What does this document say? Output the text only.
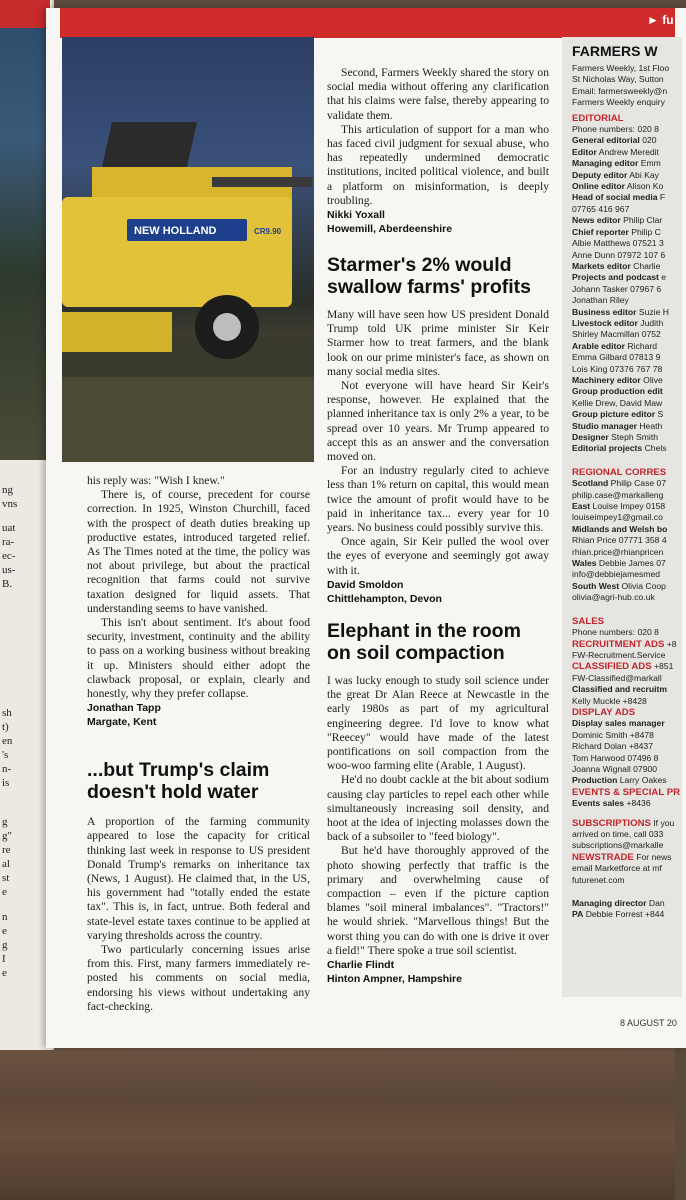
ng
vns
uat
ra-
ec-
us-
B.
sh
t)
en
's
n-
is
g
g"
re
al
st
e
n
e
g
I
e
► fu
NEW HOLLAND	CR9.90

his reply was: "Wish I knew."

There is, of course, precedent for course correction. In 1925, Winston Churchill, faced with the prospect of death duties breaking up productive estates, introduced targeted relief. As The Times noted at the time, the policy was not about privilege, but about the practical recognition that farms could not survive taxation designed for liquid assets. That understanding seems to have vanished.

This isn't about sentiment. It's about food security, investment, continuity and the ability to pass on a working business without breaking it up. Ministers should either adopt the clawback proposal, or explain, clearly and honestly, why they prefer collapse.

Jonathan Tapp
Margate, Kent
...but Trump's claim doesn't hold water

A proportion of the farming community appeared to lose the capacity for critical thinking last week in response to US president Donald Trump's remarks on inheritance tax (News, 1 August). He claimed that, in the US, his government had "totally ended the estate tax". This is, in fact, untrue. Both federal and state-level estate taxes continue to be applied at varying thresholds across the country.

Two particularly concerning issues arise from this. First, many farmers immediately re-posted his comments on social media, endorsing his views without undertaking any fact-checking.

Second, Farmers Weekly shared the story on social media without offering any clarification that his claims were false, thereby appearing to validate them.

This articulation of support for a man who has faced civil judgment for sexual abuse, who has repeatedly undermined democratic institutions, incited political violence, and built a platform on misinformation, is deeply troubling.

Nikki Yoxall
Howemill, Aberdeenshire
Starmer's 2% would swallow farms' profits

Many will have seen how US president Donald Trump told UK prime minister Sir Keir Starmer how to treat farmers, and the blank look on our prime minister's face, as shown on many social media sites.

Not everyone will have heard Sir Keir's response, however. He explained that the planned inheritance tax is only 2% a year, to be spread over 10 years. Mr Trump appeared to accept this as an answer and the conversation moved on.

For an industry regularly cited to achieve less than 1% return on capital, this would mean twice the amount of profit would have to be paid in inheritance tax... every year for 10 years. No business could possibly survive this.

Once again, Sir Keir pulled the wool over the eyes of everyone and seemingly got away with it.

David Smoldon
Chittlehampton, Devon
Elephant in the room on soil compaction

I was lucky enough to study soil science under the great Dr Alan Reece at Newcastle in the early 1980s as part of my agricultural engineering degree. I'd love to know what "Reecey" would have made of the latest pontifications on soil compaction from the woo-woo farming elite (Arable, 1 August).

He'd no doubt cackle at the bit about sodium causing clay particles to repel each other while simultaneously increasing soil density, and hoot at the idea of injecting molasses down the back of a subsoiler to "feed biology".

But he'd have thoroughly approved of the photo showing perfectly that traffic is the primary and overwhelming cause of compaction – even if the picture caption blames "soil mineral imbalances". "Tractors!" he would shriek. "Marvellous things! But the worst thing you can do with one is drive it over a field!" There spoke a true soil scientist.

Charlie Flindt
Hinton Ampner, Hampshire
FARMERS W
Farmers Weekly, 1st Floo
St Nicholas Way, Sutton
Email: farmersweekly@n
Farmers Weekly enquiry
EDITORIAL
Phone numbers: 020 8
General editorial 020
Editor Andrew Meredit
Managing editor Emm
Deputy editor Abi Kay
Online editor Alison Ko
Head of social media F
07765 416 967
News editor Philip Clar
Chief reporter Philip C
Albie Matthews 07521 3
Anne Dunn 07972 107 6
Markets editor Charlie
Projects and podcast e
Johann Tasker 07967 6
Jonathan Riley
Business editor Suzie H
Livestock editor Judith
Shirley Macmillan 0752
Arable editor Richard
Emma Gilbard 07813 9
Lois King 07376 767 78
Machinery editor Olive
Group production edit
Kellie Drew, David Maw
Group picture editor S
Studio manager Heath
Designer Steph Smith
Editorial projects Chels
REGIONAL CORRES
Scotland Philip Case 07
philip.case@markalleng
East Louise Impey 0158
louiseimpey1@gmail.co
Midlands and Welsh bo
Rhian Price 07771 358 4
rhian.price@rhianpricen
Wales Debbie James 07
info@debbiejamesmed
South West Olivia Coop
olivia@agri-hub.co.uk
SALES
Phone numbers: 020 8
RECRUITMENT ADS +8
FW-Recruitment.Service
CLASSIFIED ADS +851
FW-Classified@markall
Classified and recruitm
Kelly Muckle +8428
DISPLAY ADS
Display sales manager
Dominic Smith +8478
Richard Dolan +8437
Tom Harwood 07496 8
Joanna Wignall 07900
Production Larry Oakes
EVENTS & SPECIAL PR
Events sales +8436
SUBSCRIPTIONS If you
arrived on time, call 033
subscriptions@markalle
NEWSTRADE For news
email Marketforce at mf
futurenet.com
Managing director Dan
PA Debbie Forrest +844
8 AUGUST 20
